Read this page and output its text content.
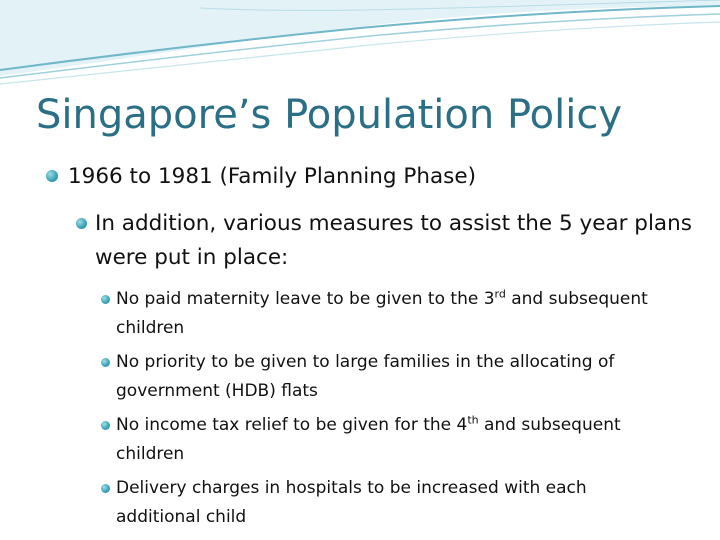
Singapore’s Population Policy
1966 to 1981 (Family Planning Phase)
In addition, various measures to assist the 5 year plans were put in place:
No paid maternity leave to be given to the 3rd and subsequent children
No priority to be given to large families in the allocating of government (HDB) flats
No income tax relief to be given for the 4th and subsequent children
Delivery charges in hospitals to be increased with each additional child
